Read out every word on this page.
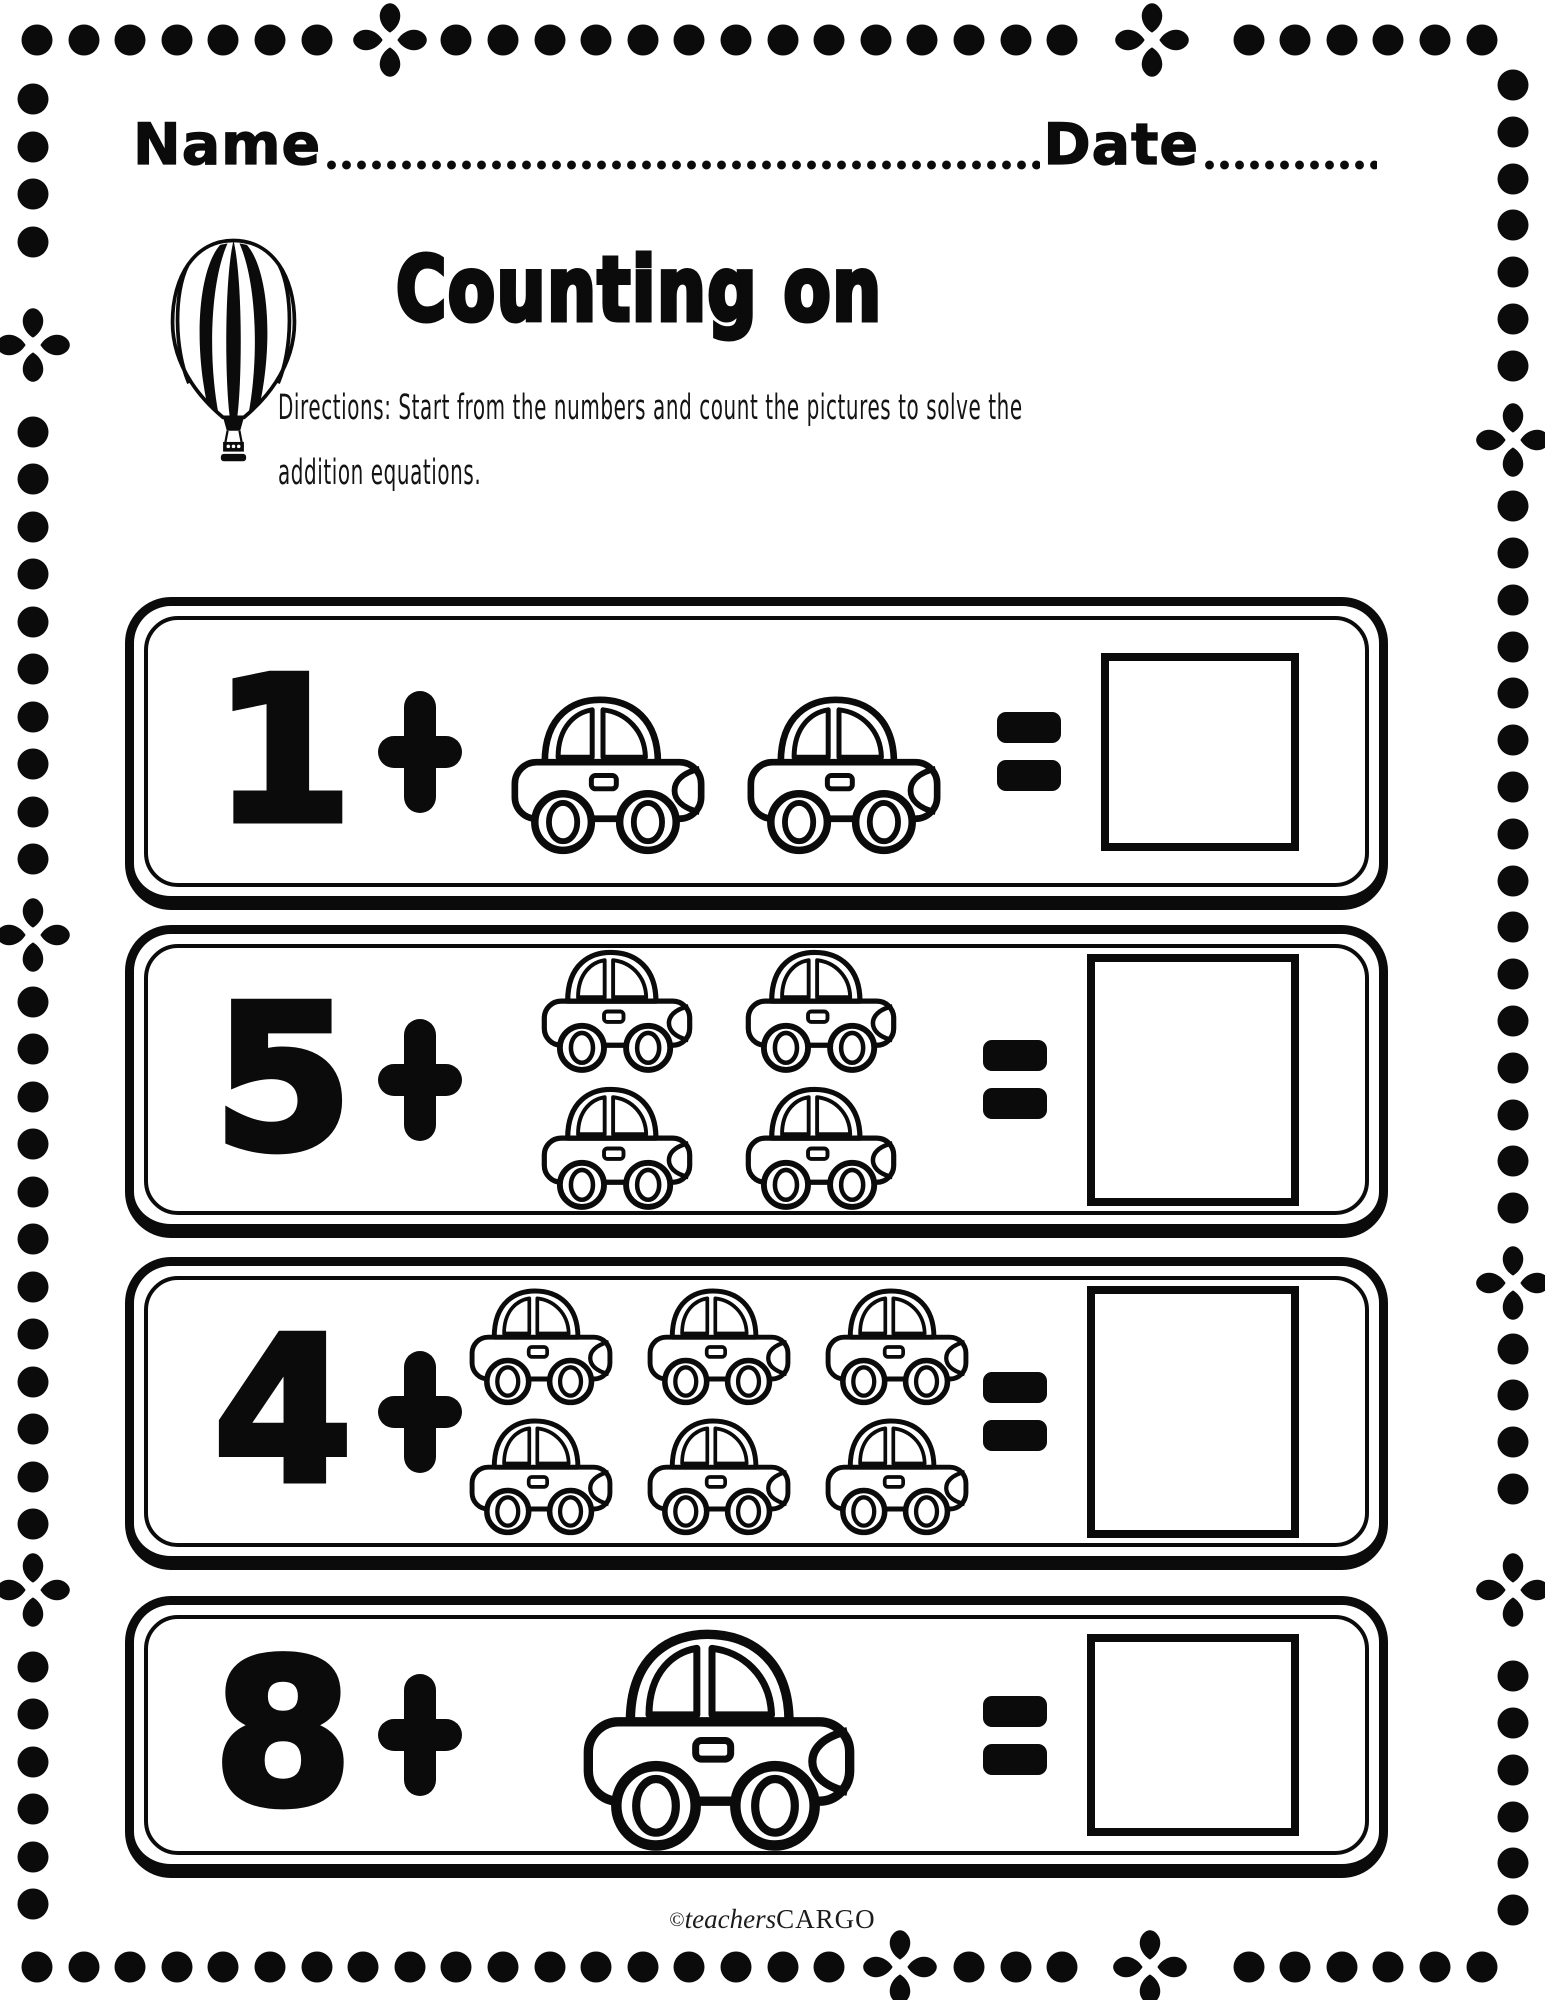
Name	Date
Counting on
Directions: Start from the numbers and count the pictures to solve the
addition equations.
1
5
4
8
©teachersCARGO
